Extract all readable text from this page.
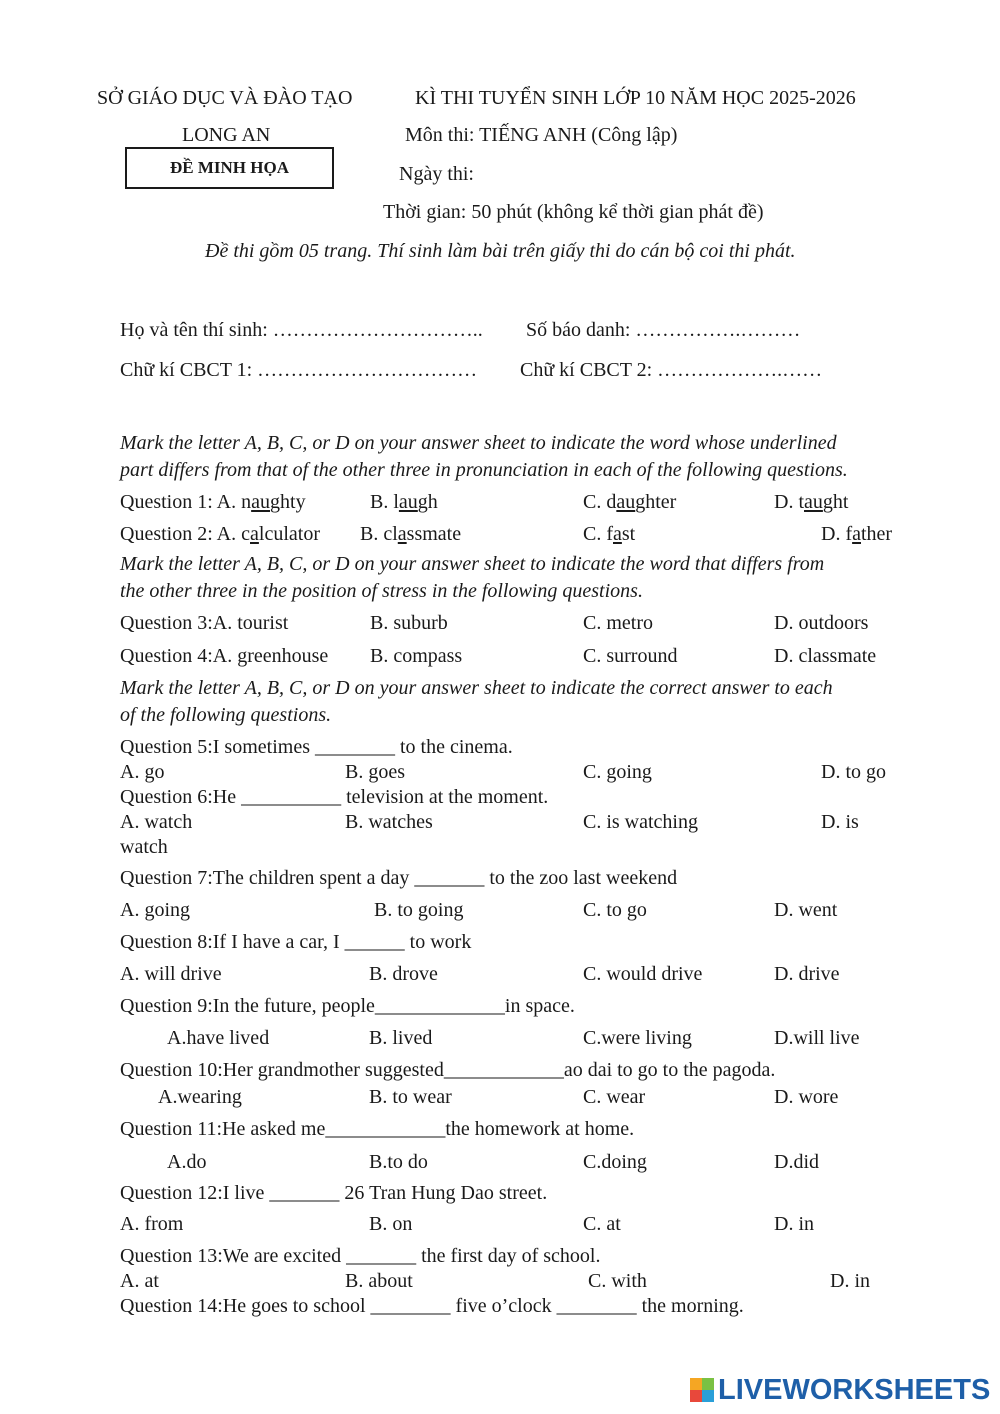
SỞ GIÁO DỤC VÀ ĐÀO TẠO	KÌ THI TUYỂN SINH LỚP 10 NĂM HỌC 2025-2026
LONG AN	Môn thi: TIẾNG ANH (Công lập)
ĐỀ MINH HỌA	Ngày thi:
Thời gian: 50 phút (không kể thời gian phát đề)
Đề thi gồm 05 trang. Thí sinh làm bài trên giấy thi do cán bộ coi thi phát.
Họ và tên thí sinh: ………………………….. Số báo danh: …………….………
Chữ kí CBCT 1: …………………………… Chữ kí CBCT 2: ……………….……
Mark the letter A, B, C, or D on your answer sheet to indicate the word whose underlined
part differs from that of the other three in pronunciation in each of the following questions.
Question 1: A. naughty	B. laugh	C. daughter	D. taught
Question 2: A. calculator B. classmate	C. fast	D. father
Mark the letter A, B, C, or D on your answer sheet to indicate the word that differs from
the other three in the position of stress in the following questions.
Question 3:A. tourist	B. suburb	C. metro	D. outdoors
Question 4:A. greenhouse B. compass	C. surround	D. classmate
Mark the letter A, B, C, or D on your answer sheet to indicate the correct answer to each
of the following questions.
Question 5:I sometimes ________ to the cinema.
A. go	B. goes	C. going	D. to go
Question 6:He __________ television at the moment.
A. watch	B. watches	C. is watching	D. is
watch
Question 7:The children spent a day _______ to the zoo last weekend
A. going	B. to going	C. to go	D. went
Question 8:If I have a car, I ______ to work
A. will drive	B. drove	C. would drive	D. drive
Question 9:In the future, people_____________in space.
A.have lived	B. lived	C.were living	D.will live
Question 10:Her grandmother suggested____________ao dai to go to the pagoda.
A.wearing	B. to wear	C. wear	D. wore
Question 11:He asked me____________the homework at home.
A.do	B.to do	C.doing	D.did
Question 12:I live _______ 26 Tran Hung Dao street.
A. from	B. on	C. at	D. in
Question 13:We are excited _______ the first day of school.
A. at	B. about	C. with	D. in
Question 14:He goes to school ________ five o’clock ________ the morning.
LIVEWORKSHEETS
